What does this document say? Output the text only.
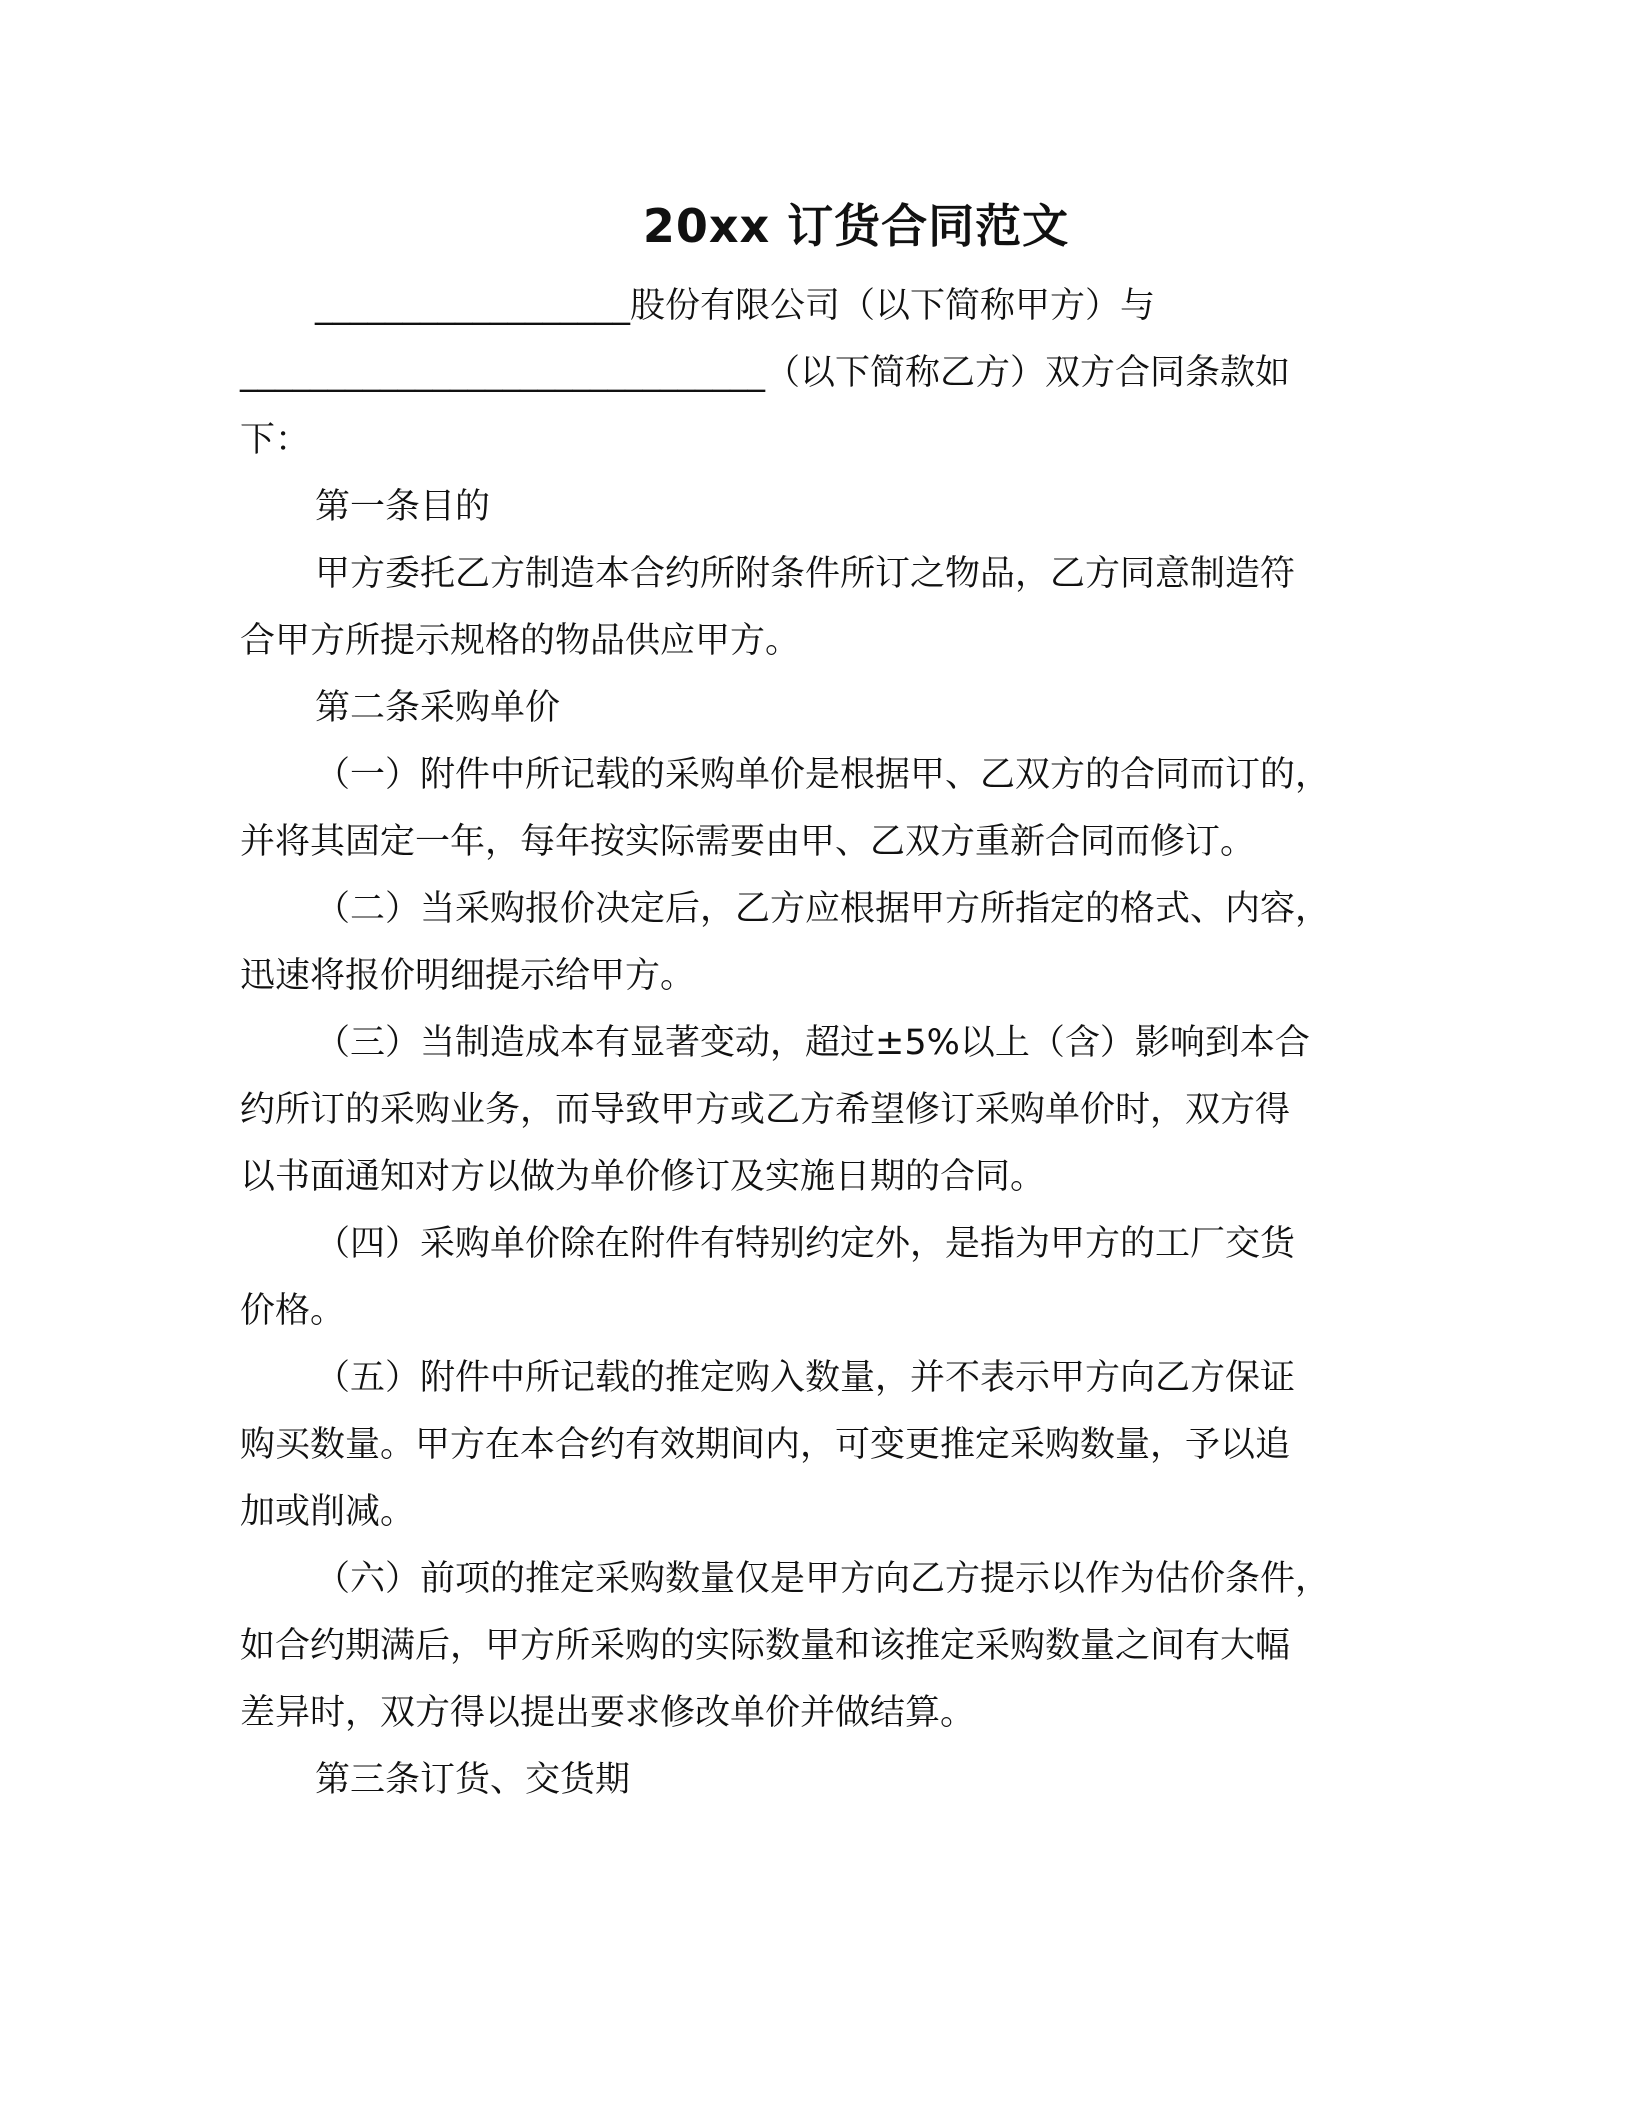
20xx 订货合同范文
__________________股份有限公司（以下简称甲方）与
______________________________（以下简称乙方）双方合同条款如
下：
第一条目的
甲方委托乙方制造本合约所附条件所订之物品，乙方同意制造符
合甲方所提示规格的物品供应甲方。
第二条采购单价
（一）附件中所记载的采购单价是根据甲、乙双方的合同而订的，
并将其固定一年，每年按实际需要由甲、乙双方重新合同而修订。
（二）当采购报价决定后，乙方应根据甲方所指定的格式、内容，
迅速将报价明细提示给甲方。
（三）当制造成本有显著变动，超过±5%以上（含）影响到本合
约所订的采购业务，而导致甲方或乙方希望修订采购单价时，双方得
以书面通知对方以做为单价修订及实施日期的合同。
（四）采购单价除在附件有特别约定外，是指为甲方的工厂交货
价格。
（五）附件中所记载的推定购入数量，并不表示甲方向乙方保证
购买数量。甲方在本合约有效期间内，可变更推定采购数量，予以追
加或削减。
（六）前项的推定采购数量仅是甲方向乙方提示以作为估价条件，
如合约期满后，甲方所采购的实际数量和该推定采购数量之间有大幅
差异时，双方得以提出要求修改单价并做结算。
第三条订货、交货期
